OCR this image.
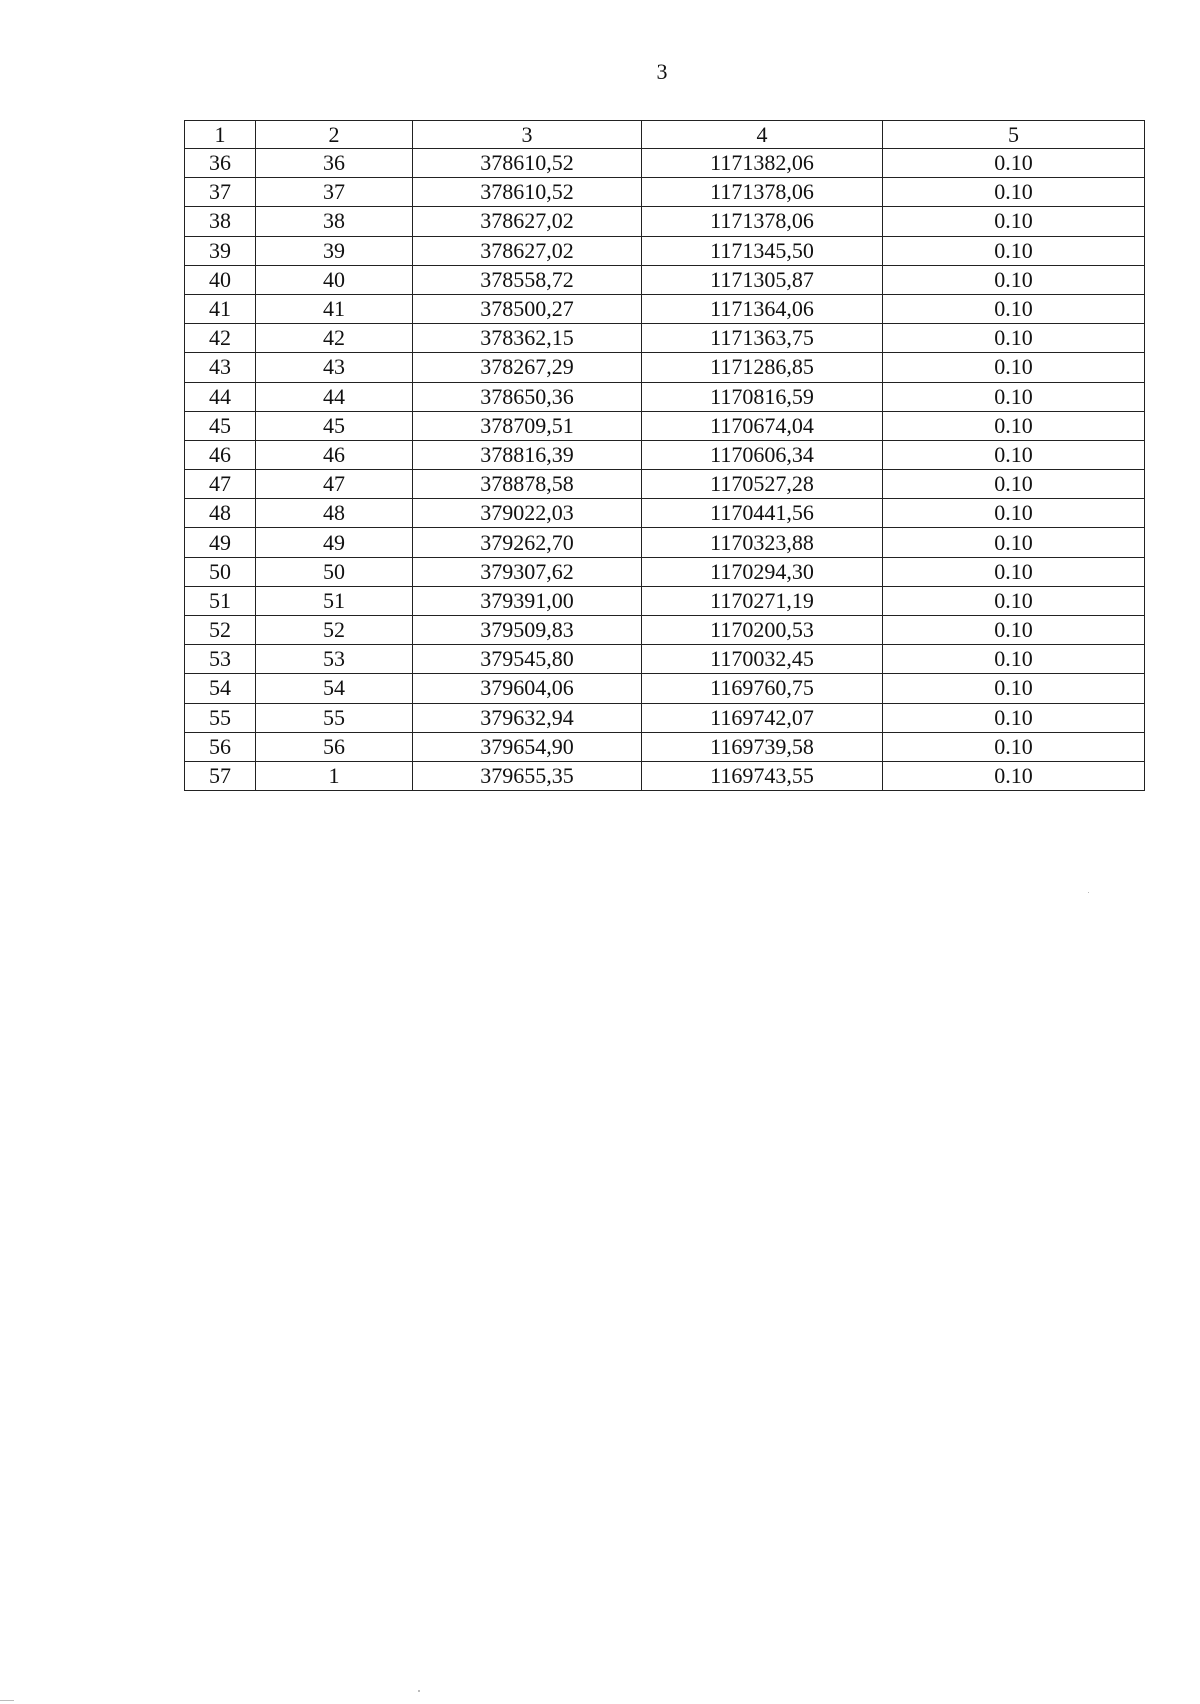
3
1	2	3	4	5
36	36	378610,52	1171382,06	0.10
37	37	378610,52	1171378,06	0.10
38	38	378627,02	1171378,06	0.10
39	39	378627,02	1171345,50	0.10
40	40	378558,72	1171305,87	0.10
41	41	378500,27	1171364,06	0.10
42	42	378362,15	1171363,75	0.10
43	43	378267,29	1171286,85	0.10
44	44	378650,36	1170816,59	0.10
45	45	378709,51	1170674,04	0.10
46	46	378816,39	1170606,34	0.10
47	47	378878,58	1170527,28	0.10
48	48	379022,03	1170441,56	0.10
49	49	379262,70	1170323,88	0.10
50	50	379307,62	1170294,30	0.10
51	51	379391,00	1170271,19	0.10
52	52	379509,83	1170200,53	0.10
53	53	379545,80	1170032,45	0.10
54	54	379604,06	1169760,75	0.10
55	55	379632,94	1169742,07	0.10
56	56	379654,90	1169739,58	0.10
57	1	379655,35	1169743,55	0.10
